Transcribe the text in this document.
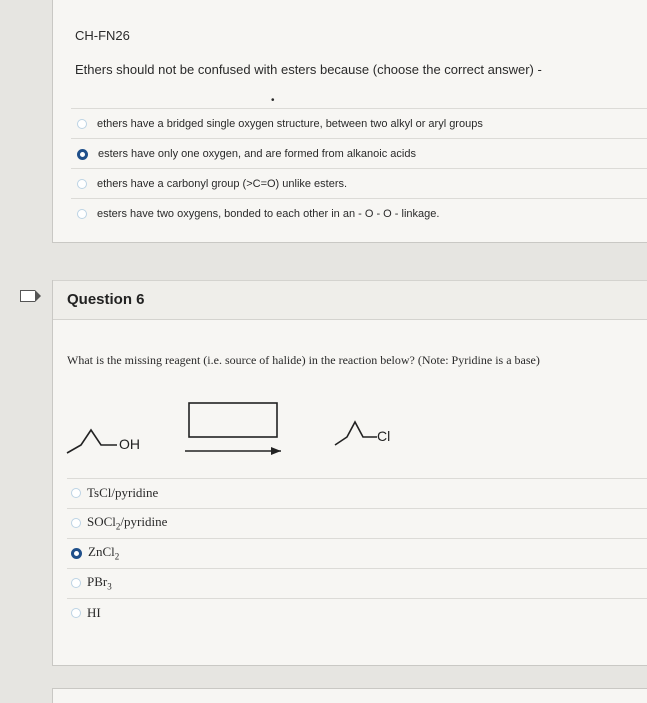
CH-FN26
Ethers should not be confused with esters because (choose the correct answer) -
•
ethers have a bridged single oxygen structure, between two alkyl or aryl groups
esters have only one oxygen, and are formed from alkanoic acids
ethers have a carbonyl group (>C=O) unlike esters.
esters have two oxygens, bonded to each other in an - O - O - linkage.
Question 6
What is the missing reagent (i.e. source of halide) in the reaction below? (Note: Pyridine is a base)
OH	Cl
TsCl/pyridine
SOCl$_2$/pyridine
ZnCl$_2$
PBr$_3$
HI
